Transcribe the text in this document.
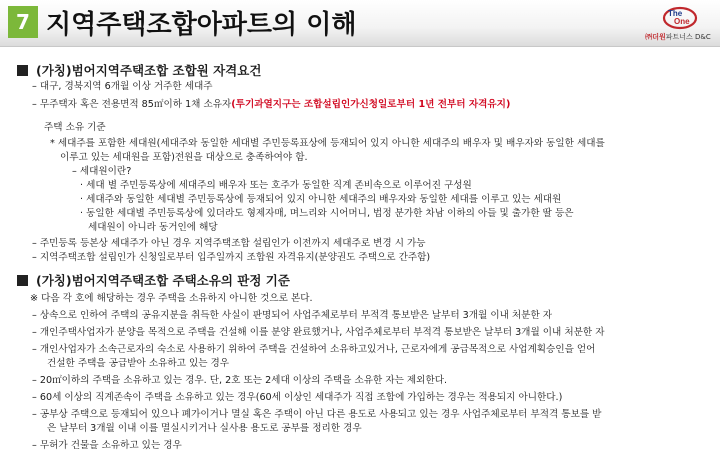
7 지역주택조합아파트의 이해	The
One
㈜더원파트너스 D&C
(가칭)범어지역주택조합 조합원 자격요건
– 대구, 경북지역 6개월 이상 거주한 세대주
– 무주택자 혹은 전용면적 85㎡이하 1채 소유자(투기과열지구는 조합설립인가신청일로부터 1년 전부터 자격유지)
주택 소유 기준
* 세대주를 포함한 세대원(세대주와 동일한 세대별 주민등록표상에 등재되어 있지 아니한 세대주의 배우자 및 배우자와 동일한 세대를
이루고 있는 세대원을 포함)전원을 대상으로 충족하여야 함.
– 세대원이란?
· 세대 별 주민등록상에 세대주의 배우자 또는 호주가 동일한 직계 존비속으로 이루어진 구성원
· 세대주와 동일한 세대별 주민등록상에 등재되어 있지 아니한 세대주의 배우자와 동일한 세대를 이루고 있는 세대원
· 동일한 세대별 주민등록상에 있더라도 형제자매, 며느리와 시어머니, 법정 분가한 차남 이하의 아들 및 출가한 딸 등은
세대원이 아니라 동거인에 해당
– 주민등록 등본상 세대주가 아닌 경우 지역주택조합 설립인가 이전까지 세대주로 변경 시 가능
– 지역주택조합 설립인가 신청일로부터 입주일까지 조합원 자격유지(분양권도 주택으로 간주함)
(가칭)범어지역주택조합 주택소유의 판정 기준
※ 다음 각 호에 해당하는 경우 주택을 소유하지 아니한 것으로 본다.
– 상속으로 인하여 주택의 공유지분을 취득한 사실이 판명되어 사업주체로부터 부적격 통보받은 날부터 3개월 이내 처분한 자
– 개인주택사업자가 분양을 목적으로 주택을 건설해 이를 분양 완료했거나, 사업주체로부터 부적격 통보받은 날부터 3개월 이내 처분한 자
– 개인사업자가 소속근로자의 숙소로 사용하기 위하여 주택을 건설하여 소유하고있거나, 근로자에게 공급목적으로 사업계획승인을 얻어
건설한 주택을 공급받아 소유하고 있는 경우
– 20㎡이하의 주택을 소유하고 있는 경우. 단, 2호 또는 2세대 이상의 주택을 소유한 자는 제외한다.
– 60세 이상의 직계존속이 주택을 소유하고 있는 경우(60세 이상인 세대주가 직접 조합에 가입하는 경우는 적용되지 아니한다.)
– 공부상 주택으로 등재되어 있으나 폐가이거나 멸실 혹은 주택이 아닌 다른 용도로 사용되고 있는 경우 사업주체로부터 부적격 통보를 받
은 날부터 3개월 이내 이를 멸실시키거나 실사용 용도로 공부를 정리한 경우
– 무허가 건물을 소유하고 있는 경우
